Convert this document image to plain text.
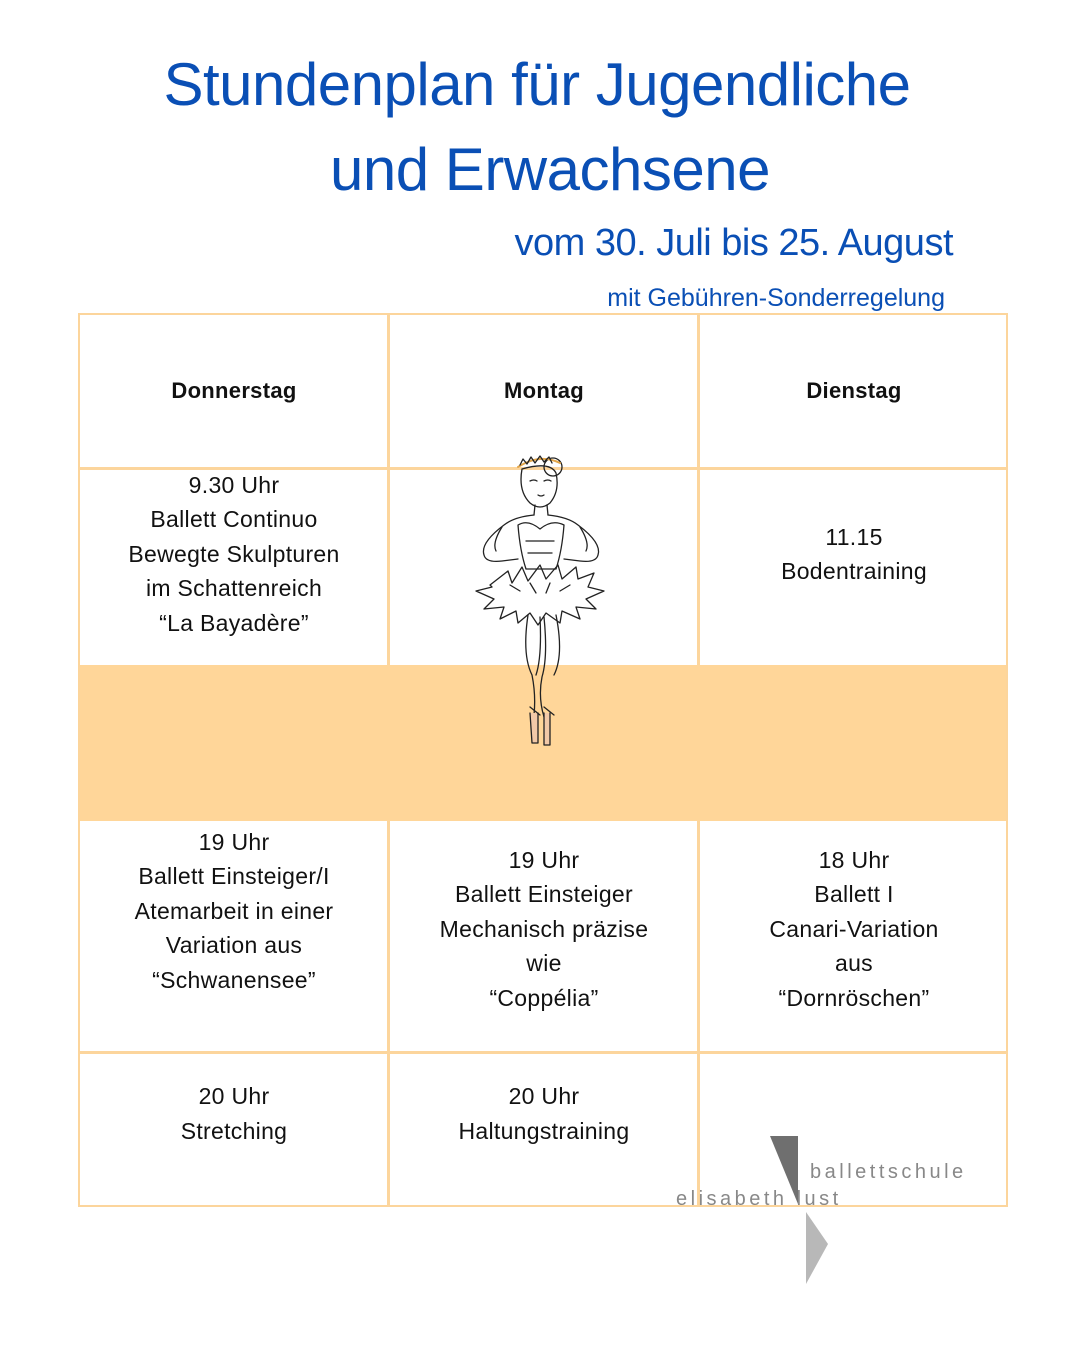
Stundenplan für Jugendliche
und Erwachsene
vom 30. Juli bis 25. August
mit Gebühren-Sonderregelung
Donnerstag	Montag	Dienstag
9.30 Uhr
Ballett Continuo
Bewegte Skulpturen
im Schattenreich
“La Bayadère”
11.15
Bodentraining
19 Uhr
Ballett Einsteiger/I
Atemarbeit in einer
Variation aus
“Schwanensee”
19 Uhr
Ballett Einsteiger
Mechanisch präzise
wie
“Coppélia”
18 Uhr
Ballett I
Canari-Variation
aus
“Dornröschen”
20 Uhr
Stretching
20 Uhr
Haltungstraining
ballettschule
elisabeth lust
